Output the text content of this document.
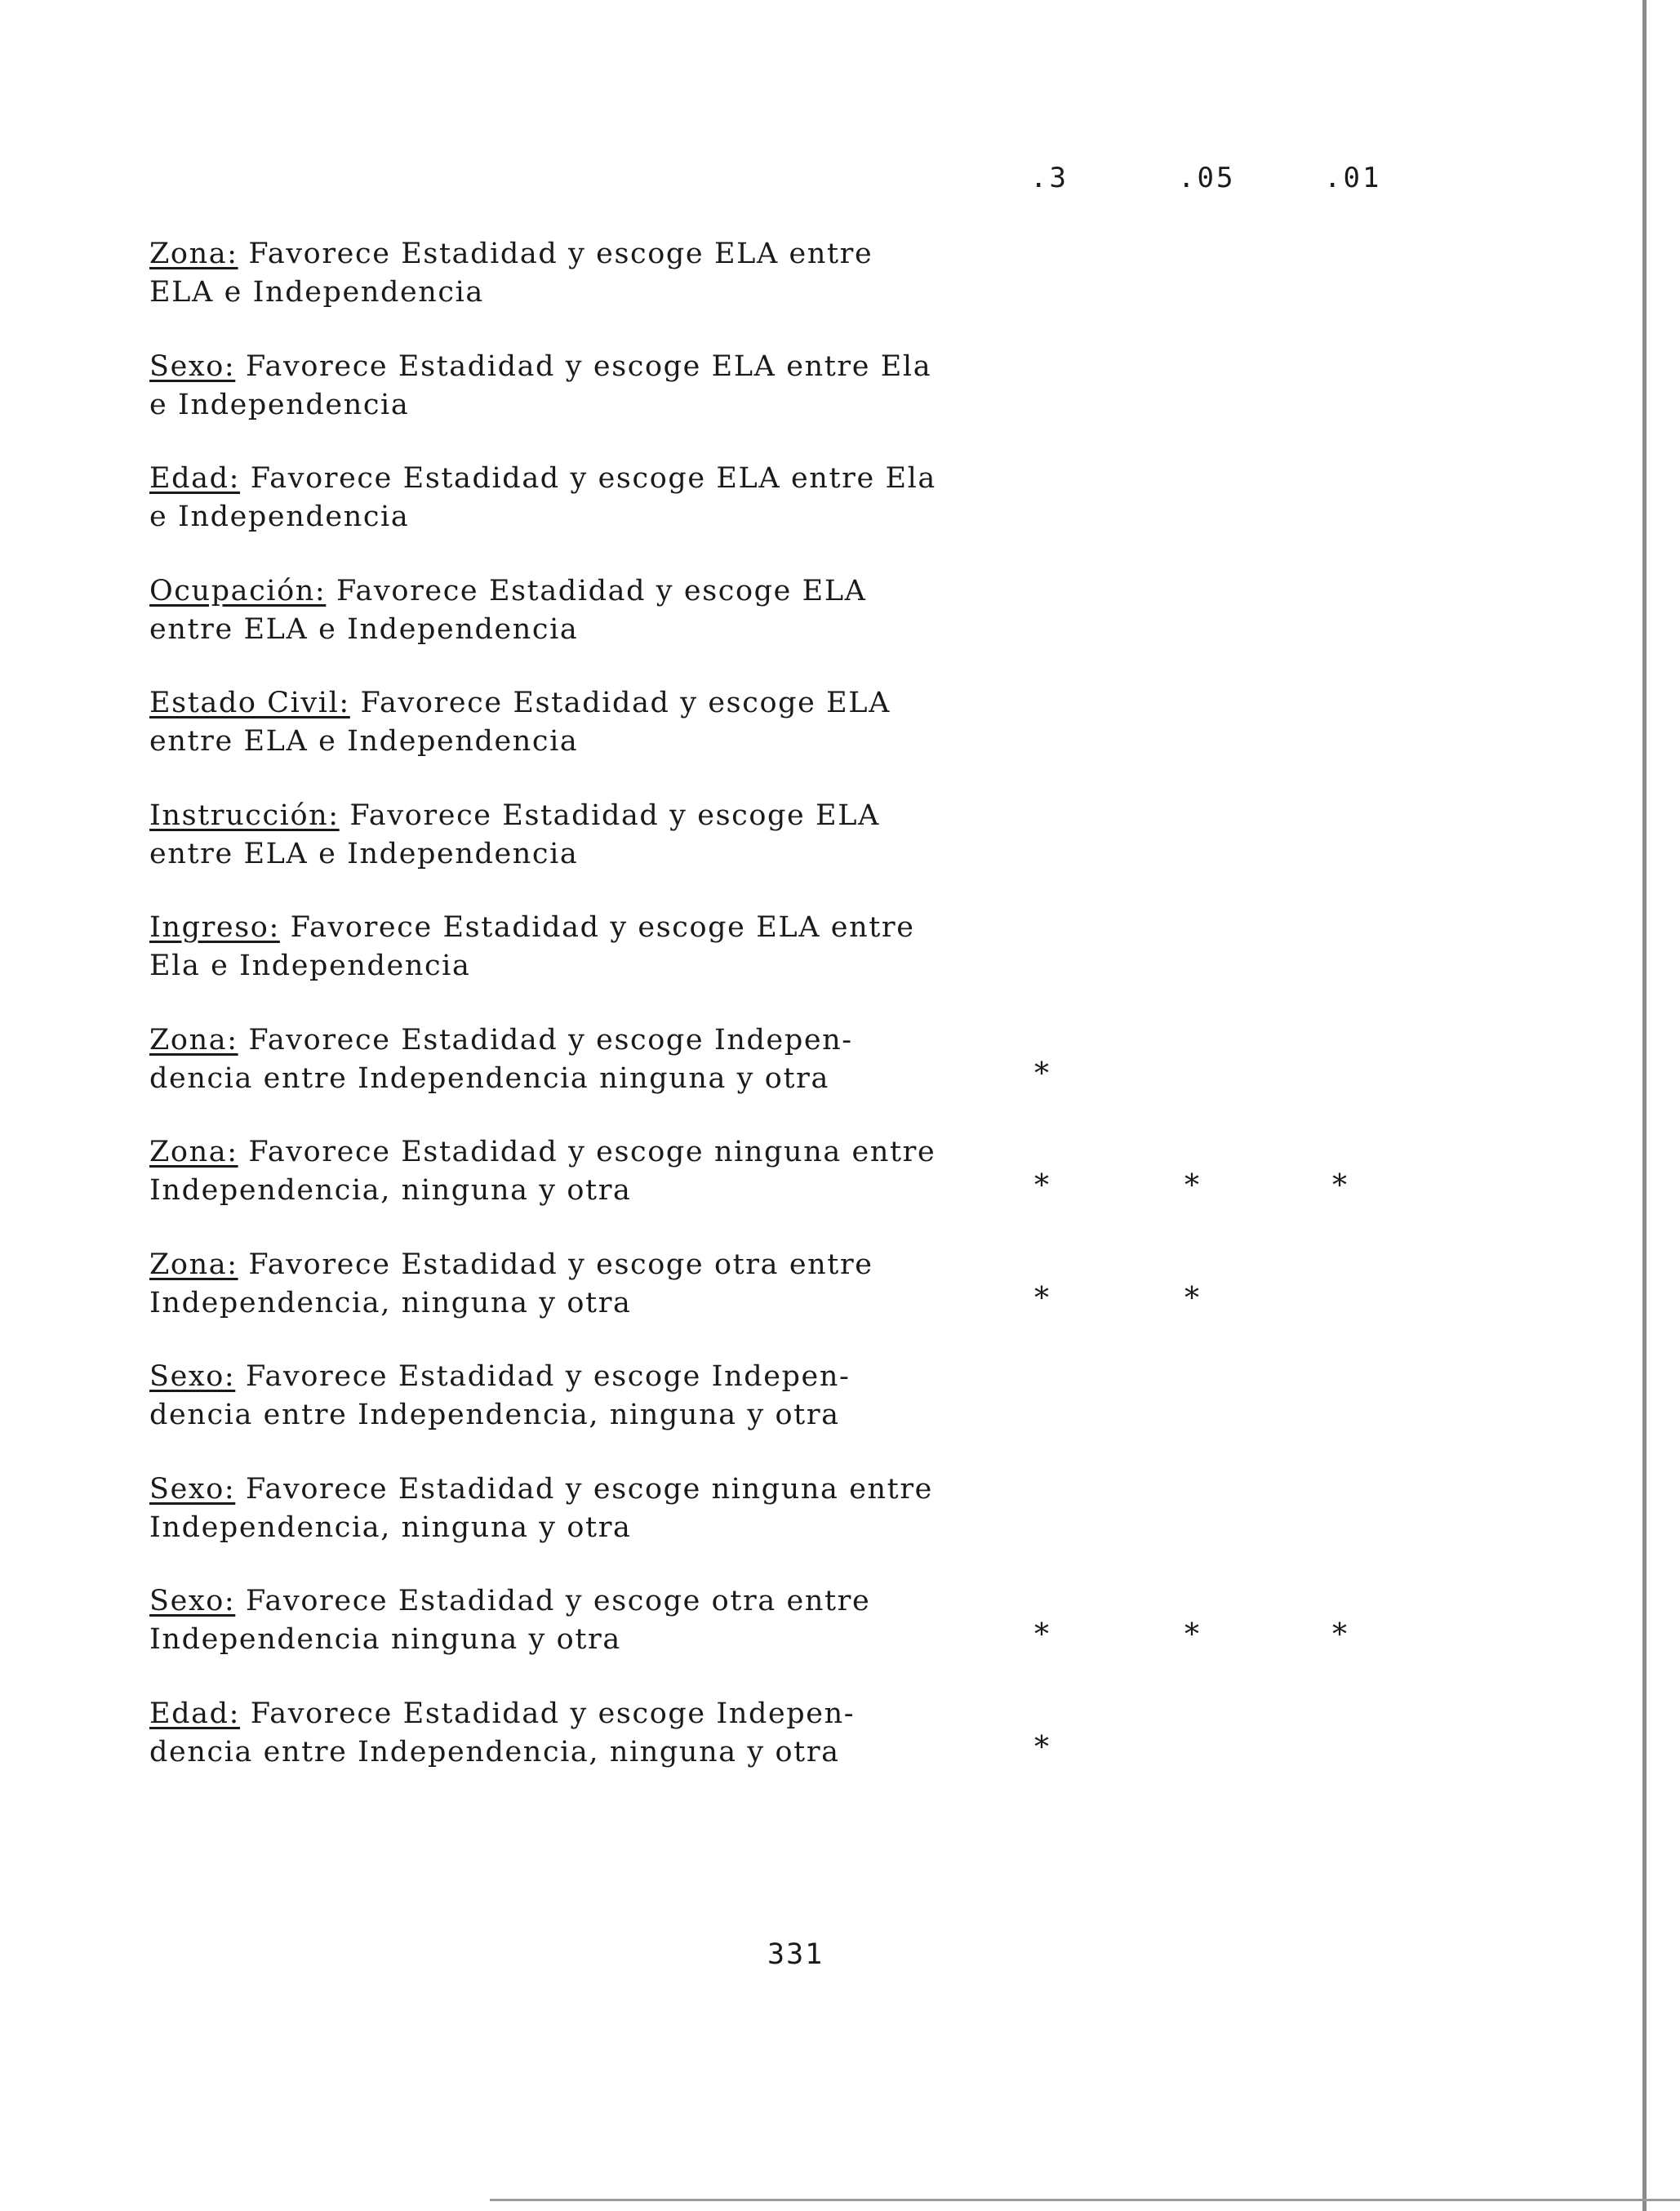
.3	.05	.01
Zona: Favorece Estadidad y escoge ELA entre ELA e Independencia
Sexo: Favorece Estadidad y escoge ELA entre Ela e Independencia
Edad: Favorece Estadidad y escoge ELA entre Ela e Independencia
Ocupación: Favorece Estadidad y escoge ELA entre ELA e Independencia
Estado Civil: Favorece Estadidad y escoge ELA entre ELA e Independencia
Instrucción: Favorece Estadidad y escoge ELA entre ELA e Independencia
Ingreso: Favorece Estadidad y escoge ELA entre Ela e Independencia
Zona: Favorece Estadidad y escoge Indepen- dencia entre Independencia ninguna y otra	*
Zona: Favorece Estadidad y escoge ninguna entre Independencia, ninguna y otra	*	*	*
Zona: Favorece Estadidad y escoge otra entre Independencia, ninguna y otra	*	*
Sexo: Favorece Estadidad y escoge Indepen- dencia entre Independencia, ninguna y otra
Sexo: Favorece Estadidad y escoge ninguna entre Independencia, ninguna y otra
Sexo: Favorece Estadidad y escoge otra entre Independencia ninguna y otra	*	*	*
Edad: Favorece Estadidad y escoge Indepen- dencia entre Independencia, ninguna y otra	*
331
